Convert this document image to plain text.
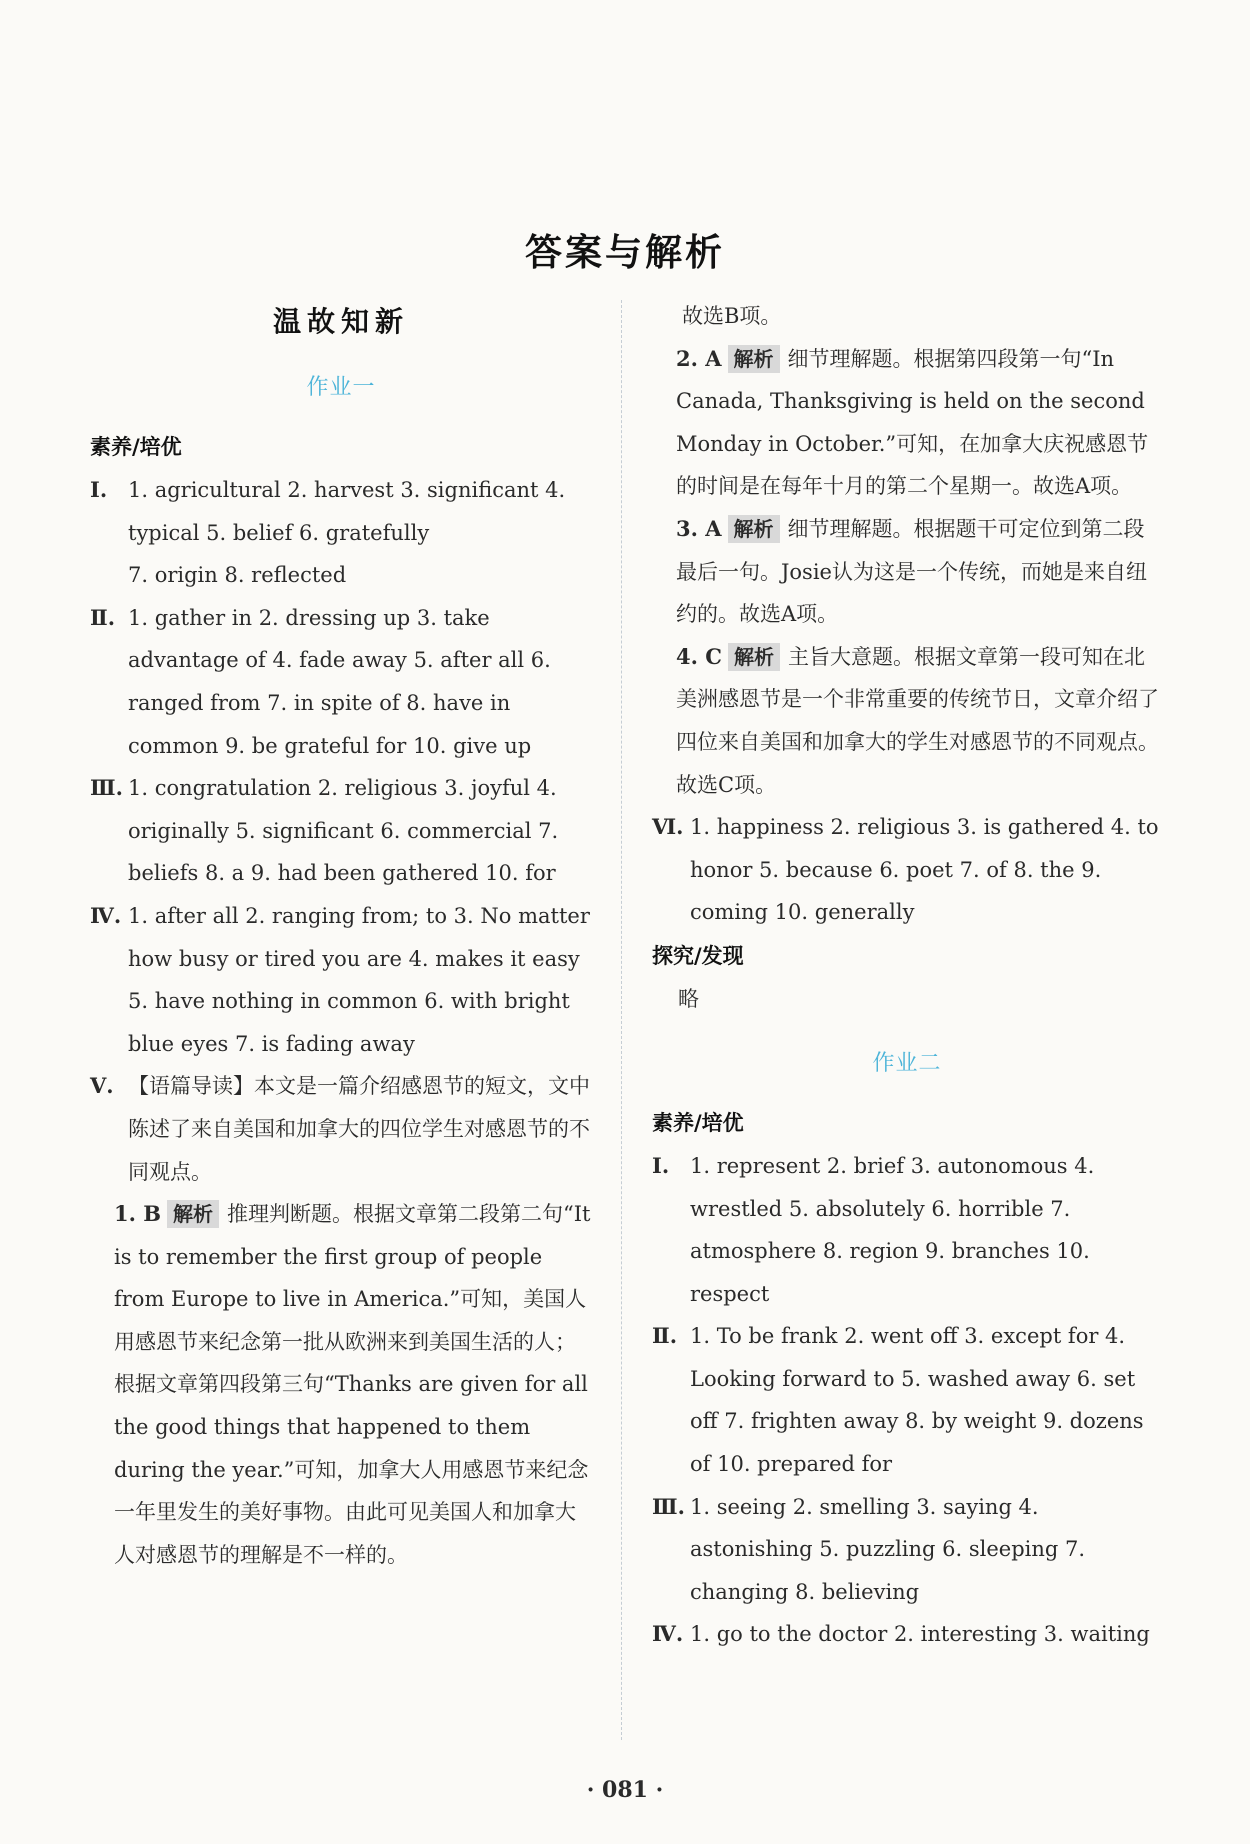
答案与解析
温故知新
作业一
素养/培优
Ⅰ. 1. agricultural 2. harvest 3. significant 4. typical 5. belief 6. gratefully
7. origin 8. reflected
Ⅱ. 1. gather in 2. dressing up 3. take advantage of 4. fade away 5. after all 6. ranged from 7. in spite of 8. have in common 9. be grateful for 10. give up
Ⅲ. 1. congratulation 2. religious 3. joyful 4. originally 5. significant 6. commercial 7. beliefs 8. a 9. had been gathered 10. for
Ⅳ. 1. after all 2. ranging from; to 3. No matter how busy or tired you are 4. makes it easy 5. have nothing in common 6. with bright blue eyes 7. is fading away
Ⅴ. 【语篇导读】本文是一篇介绍感恩节的短文，文中陈述了来自美国和加拿大的四位学生对感恩节的不同观点。
1. B 解析 推理判断题。根据文章第二段第二句“It is to remember the first group of people from Europe to live in America.”可知，美国人用感恩节来纪念第一批从欧洲来到美国生活的人；根据文章第四段第三句“Thanks are given for all the good things that happened to them during the year.”可知，加拿大人用感恩节来纪念一年里发生的美好事物。由此可见美国人和加拿大人对感恩节的理解是不一样的。
故选B项。
2. A 解析 细节理解题。根据第四段第一句“In Canada, Thanksgiving is held on the second Monday in October.”可知，在加拿大庆祝感恩节的时间是在每年十月的第二个星期一。故选A项。
3. A 解析 细节理解题。根据题干可定位到第二段最后一句。Josie认为这是一个传统，而她是来自纽约的。故选A项。
4. C 解析 主旨大意题。根据文章第一段可知在北美洲感恩节是一个非常重要的传统节日，文章介绍了四位来自美国和加拿大的学生对感恩节的不同观点。故选C项。
Ⅵ. 1. happiness 2. religious 3. is gathered 4. to honor 5. because 6. poet 7. of 8. the 9. coming 10. generally
探究/发现
略
作业二
素养/培优
Ⅰ. 1. represent 2. brief 3. autonomous 4. wrestled 5. absolutely 6. horrible 7. atmosphere 8. region 9. branches 10. respect
Ⅱ. 1. To be frank 2. went off 3. except for 4. Looking forward to 5. washed away 6. set off 7. frighten away 8. by weight 9. dozens of 10. prepared for
Ⅲ. 1. seeing 2. smelling 3. saying 4. astonishing 5. puzzling 6. sleeping 7. changing 8. believing
Ⅳ. 1. go to the doctor 2. interesting 3. waiting
· 081 ·
